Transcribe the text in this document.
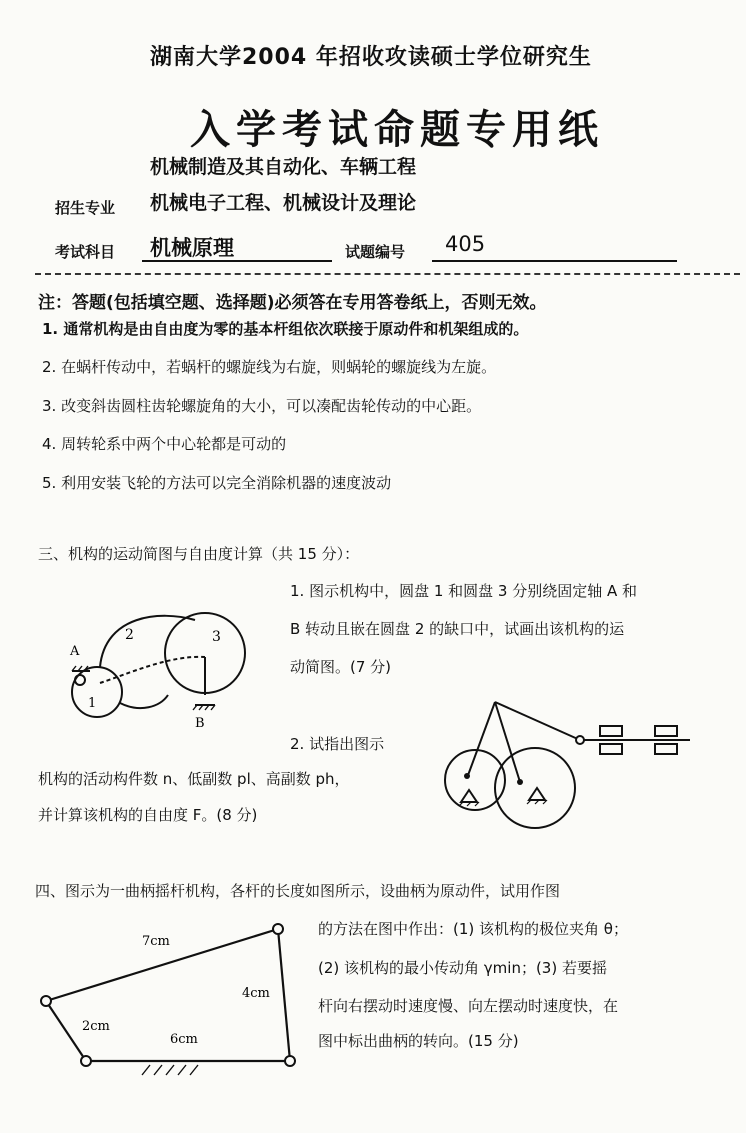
湖南大学2004 年招收攻读硕士学位研究生
入学考试命题专用纸
机械制造及其自动化、车辆工程
招生专业 机械电子工程、机械设计及理论
考试科目 机械原理	试题编号 405
注：答题(包括填空题、选择题)必须答在专用答卷纸上，否则无效。
1. 通常机构是由自由度为零的基本杆组依次联接于原动件和机架组成的。
2. 在蜗杆传动中，若蜗杆的螺旋线为右旋，则蜗轮的螺旋线为左旋。
3. 改变斜齿圆柱齿轮螺旋角的大小，可以凑配齿轮传动的中心距。
4. 周转轮系中两个中心轮都是可动的
5. 利用安装飞轮的方法可以完全消除机器的速度波动
三、机构的运动简图与自由度计算（共 15 分）：
1. 图示机构中，圆盘 1 和圆盘 3 分别绕固定轴 A 和
B 转动且嵌在圆盘 2 的缺口中，试画出该机构的运
动简图。(7 分)
1
2	3
A
B
2. 试指出图示
机构的活动构件数 n、低副数 pl、高副数 ph，
并计算该机构的自由度 F。(8 分)
四、图示为一曲柄摇杆机构，各杆的长度如图所示，设曲柄为原动件，试用作图
的方法在图中作出：(1) 该机构的极位夹角 θ；
(2) 该机构的最小传动角 γmin；(3) 若要摇
杆向右摆动时速度慢、向左摆动时速度快，在
图中标出曲柄的转向。(15 分)
7cm
4cm
2cm
6cm
